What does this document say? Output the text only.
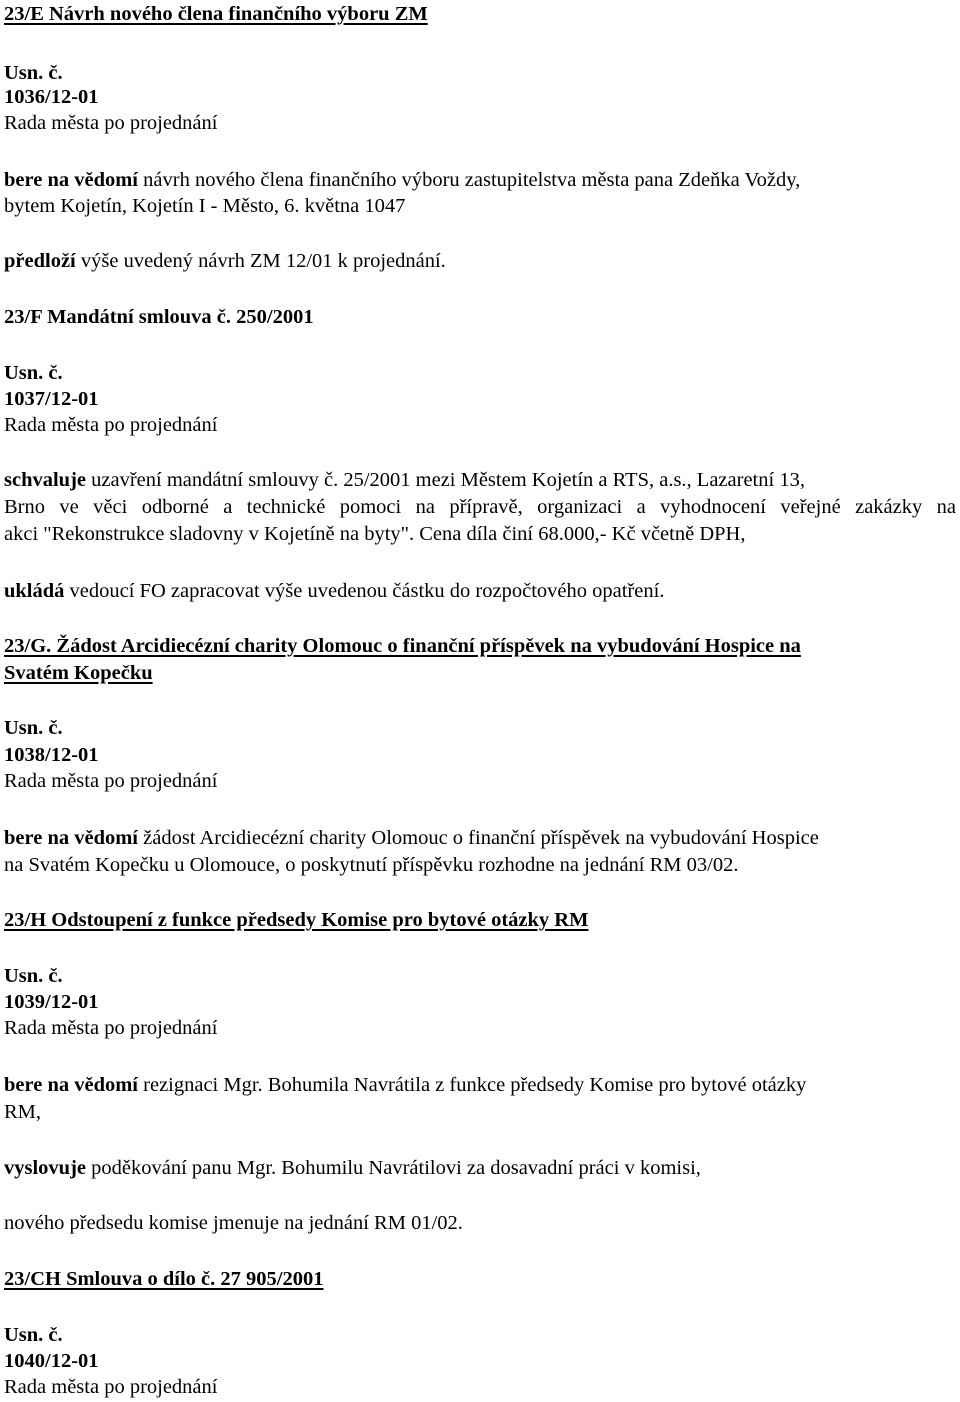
23/E Návrh nového člena finančního výboru ZM
Usn. č.
1036/12-01
Rada města po projednání
bere na vědomí návrh nového člena finančního výboru zastupitelstva města pana Zdeňka Voždy,
bytem Kojetín, Kojetín I - Město, 6. května 1047
předloží výše uvedený návrh ZM 12/01 k projednání.
23/F Mandátní smlouva č. 250/2001
Usn. č.
1037/12-01
Rada města po projednání
schvaluje uzavření mandátní smlouvy č. 25/2001 mezi Městem Kojetín a RTS, a.s., Lazaretní 13,
Brno ve věci odborné a technické pomoci na přípravě, organizaci a vyhodnocení veřejné zakázky na
akci "Rekonstrukce sladovny v Kojetíně na byty". Cena díla činí 68.000,- Kč včetně DPH,
ukládá vedoucí FO zapracovat výše uvedenou částku do rozpočtového opatření.
23/G. Žádost Arcidiecézní charity Olomouc o finanční příspěvek na vybudování Hospice na
Svatém Kopečku
Usn. č.
1038/12-01
Rada města po projednání
bere na vědomí žádost Arcidiecézní charity Olomouc o finanční příspěvek na vybudování Hospice
na Svatém Kopečku u Olomouce, o poskytnutí příspěvku rozhodne na jednání RM 03/02.
23/H Odstoupení z funkce předsedy Komise pro bytové otázky RM
Usn. č.
1039/12-01
Rada města po projednání
bere na vědomí rezignaci Mgr. Bohumila Navrátila z funkce předsedy Komise pro bytové otázky
RM,
vyslovuje poděkování panu Mgr. Bohumilu Navrátilovi za dosavadní práci v komisi,
nového předsedu komise jmenuje na jednání RM 01/02.
23/CH Smlouva o dílo č. 27 905/2001
Usn. č.
1040/12-01
Rada města po projednání
